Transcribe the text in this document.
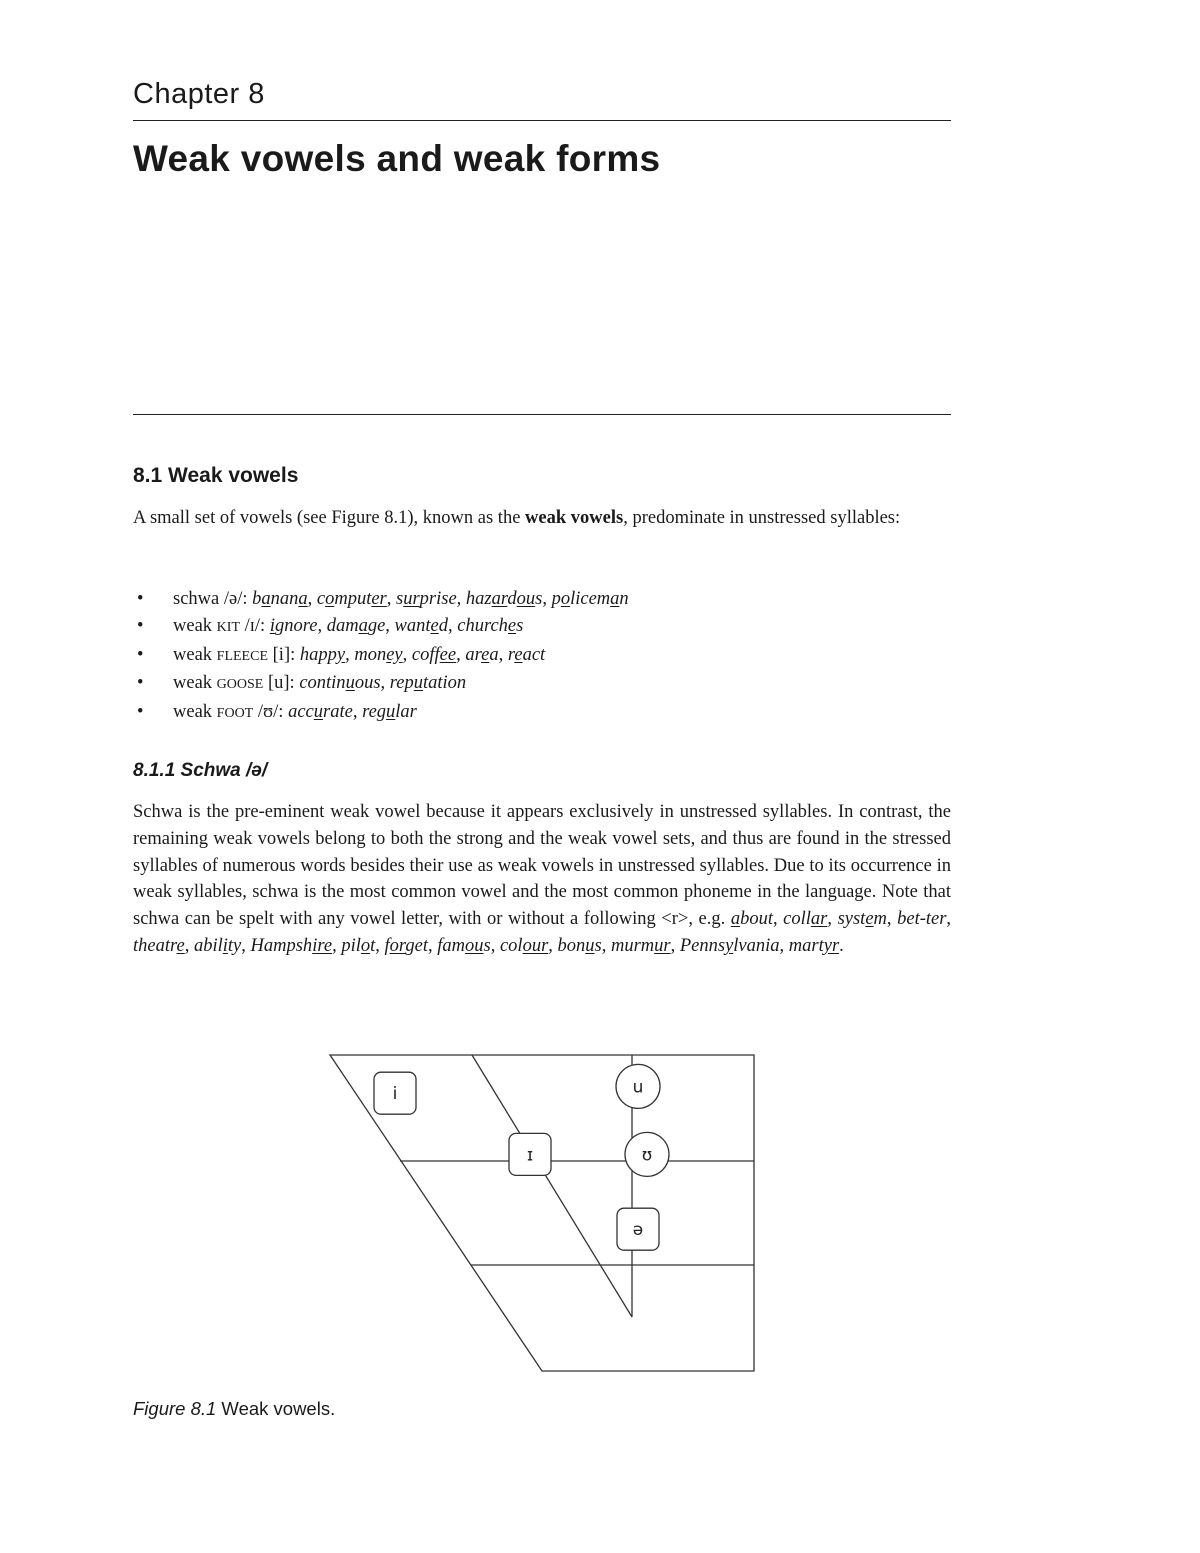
Chapter 8
Weak vowels and weak forms
8.1 Weak vowels
A small set of vowels (see Figure 8.1), known as the weak vowels, predominate in unstressed syllables:
• schwa /ə/: banana, computer, surprise, hazardous, policeman
• weak KIT /ɪ/: ignore, damage, wanted, churches
• weak FLEECE [i]: happy, money, coffee, area, react
• weak GOOSE [u]: continuous, reputation
• weak FOOT /ʊ/: accurate, regular
8.1.1 Schwa /ə/
Schwa is the pre-eminent weak vowel because it appears exclusively in unstressed syllables. In contrast, the remaining weak vowels belong to both the strong and the weak vowel sets, and thus are found in the stressed syllables of numerous words besides their use as weak vowels in unstressed syllables. Due to its occurrence in weak syllables, schwa is the most common vowel and the most common phoneme in the language. Note that schwa can be spelt with any vowel letter, with or without a following <r>, e.g. about, collar, system, bet-ter, theatre, ability, Hampshire, pilot, forget, famous, colour, bonus, murmur, Pennsylvania, martyr.
i
ɪ
u
ʊ
ə
Figure 8.1 Weak vowels.
